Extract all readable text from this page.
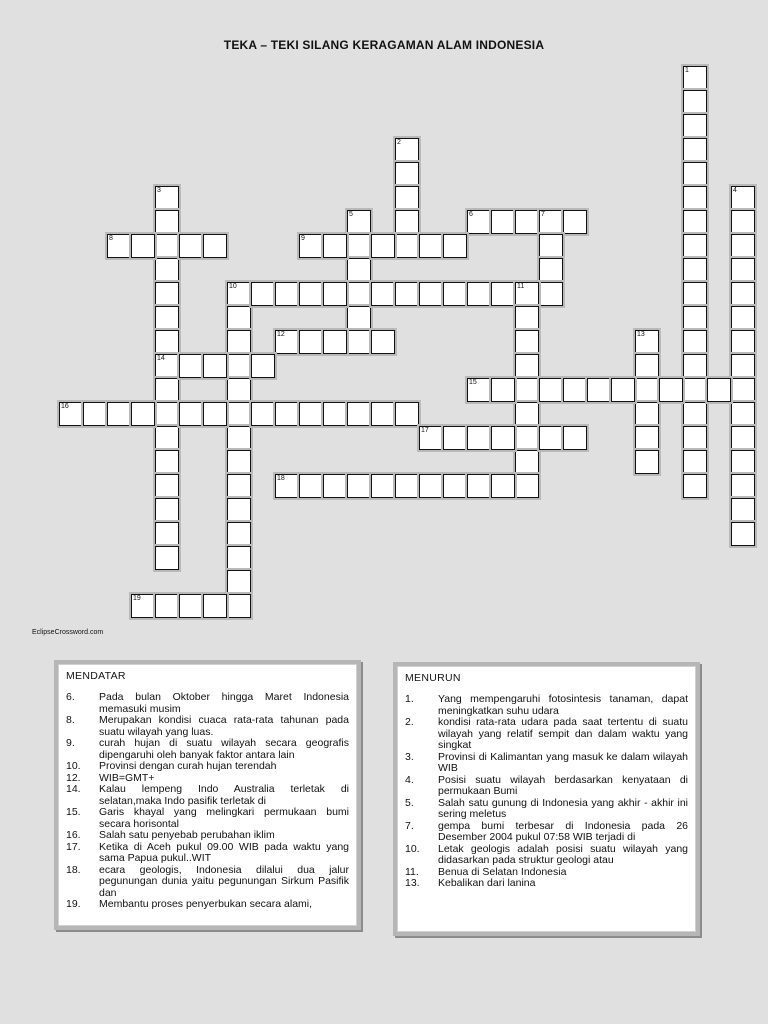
TEKA – TEKI SILANG KERAGAMAN ALAM INDONESIA
1
2
3
14
4
5	6	7
8	9
10	11
12	13
15
16
17
18
19
EclipseCrossword.com
MENDATAR
6.	Pada bulan Oktober hingga Maret Indonesia memasuki musim
8.	Merupakan kondisi cuaca rata-rata tahunan pada suatu wilayah yang luas.
9.	curah hujan di suatu wilayah secara geografis dipengaruhi oleh banyak faktor antara lain
10.	Provinsi dengan curah hujan terendah
12.	WIB=GMT+
14.	Kalau lempeng Indo Australia terletak di selatan,maka Indo pasifik terletak di
15.	Garis khayal yang melingkari permukaan bumi secara horisontal
16.	Salah satu penyebab perubahan iklim
17.	Ketika di Aceh pukul 09.00 WIB pada waktu yang sama Papua pukul..WIT
18.	ecara geologis, Indonesia dilalui dua jalur pegunungan dunia yaitu pegunungan Sirkum Pasifik dan
19.	Membantu proses penyerbukan secara alami,
MENURUN
1.	Yang mempengaruhi fotosintesis tanaman, dapat meningkatkan suhu udara
2.	kondisi rata-rata udara pada saat tertentu di suatu wilayah yang relatif sempit dan dalam waktu yang singkat
3.	Provinsi di Kalimantan yang masuk ke dalam wilayah WIB
4.	Posisi suatu wilayah berdasarkan kenyataan di permukaan Bumi
5.	Salah satu gunung di Indonesia yang akhir - akhir ini sering meletus
7.	gempa bumi terbesar di Indonesia pada 26 Desember 2004 pukul 07:58 WIB terjadi di
10.	Letak geologis adalah posisi suatu wilayah yang didasarkan pada struktur geologi atau
11.	Benua di Selatan Indonesia
13.	Kebalikan dari lanina
